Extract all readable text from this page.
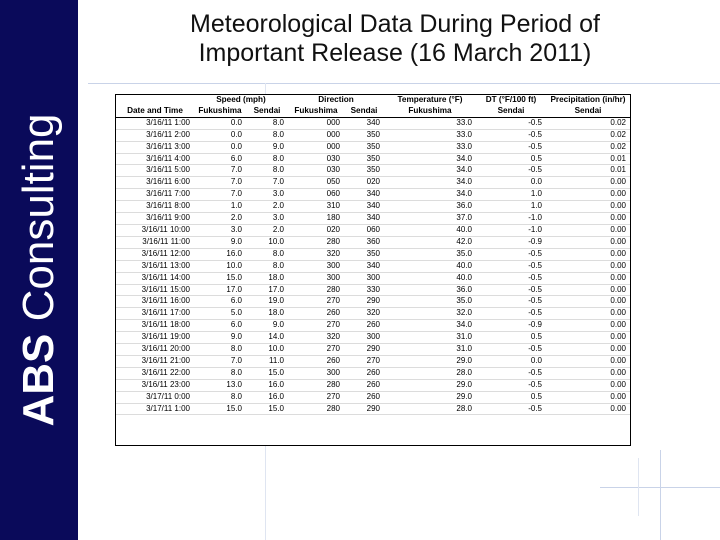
ABS Consulting
Meteorological Data During Period of
Important Release (16 March 2011)
	Speed (mph)		Direction		Temperature (°F)	DT (°F/100 ft)	Precipitation (in/hr)
Date and Time	Fukushima	Sendai	Fukushima	Sendai	Fukushima	Sendai	Sendai
3/16/11 1:00	0.0	8.0	000	340	33.0	-0.5	0.02
3/16/11 2:00	0.0	8.0	000	350	33.0	-0.5	0.02
3/16/11 3:00	0.0	9.0	000	350	33.0	-0.5	0.02
3/16/11 4:00	6.0	8.0	030	350	34.0	0.5	0.01
3/16/11 5:00	7.0	8.0	030	350	34.0	-0.5	0.01
3/16/11 6:00	7.0	7.0	050	020	34.0	0.0	0.00
3/16/11 7:00	7.0	3.0	060	340	34.0	1.0	0.00
3/16/11 8:00	1.0	2.0	310	340	36.0	1.0	0.00
3/16/11 9:00	2.0	3.0	180	340	37.0	-1.0	0.00
3/16/11 10:00	3.0	2.0	020	060	40.0	-1.0	0.00
3/16/11 11:00	9.0	10.0	280	360	42.0	-0.9	0.00
3/16/11 12:00	16.0	8.0	320	350	35.0	-0.5	0.00
3/16/11 13:00	10.0	8.0	300	340	40.0	-0.5	0.00
3/16/11 14:00	15.0	18.0	300	300	40.0	-0.5	0.00
3/16/11 15:00	17.0	17.0	280	330	36.0	-0.5	0.00
3/16/11 16:00	6.0	19.0	270	290	35.0	-0.5	0.00
3/16/11 17:00	5.0	18.0	260	320	32.0	-0.5	0.00
3/16/11 18:00	6.0	9.0	270	260	34.0	-0.9	0.00
3/16/11 19:00	9.0	14.0	320	300	31.0	0.5	0.00
3/16/11 20:00	8.0	10.0	270	290	31.0	-0.5	0.00
3/16/11 21:00	7.0	11.0	260	270	29.0	0.0	0.00
3/16/11 22:00	8.0	15.0	300	260	28.0	-0.5	0.00
3/16/11 23:00	13.0	16.0	280	260	29.0	-0.5	0.00
3/17/11 0:00	8.0	16.0	270	260	29.0	0.5	0.00
3/17/11 1:00	15.0	15.0	280	290	28.0	-0.5	0.00
